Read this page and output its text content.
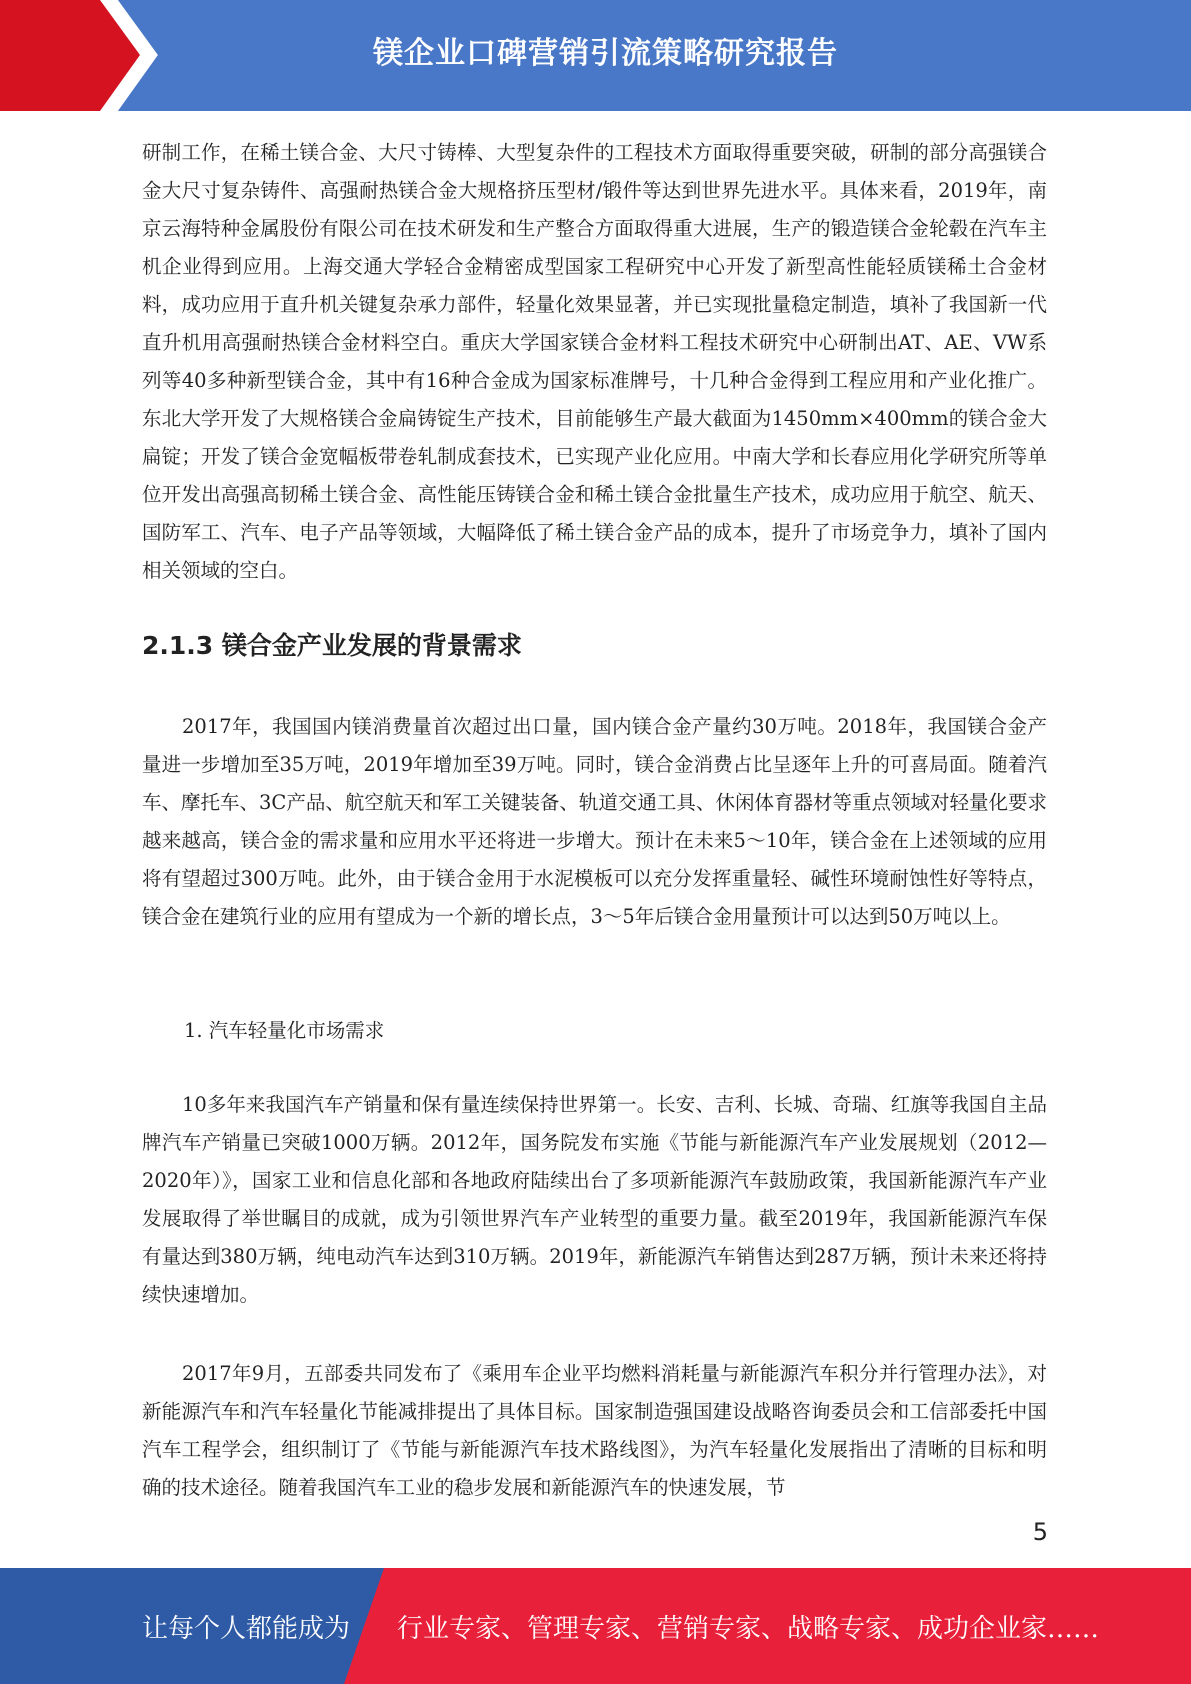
镁企业口碑营销引流策略研究报告

研制工作，在稀土镁合金、大尺寸铸棒、大型复杂件的工程技术方面取得重要突破，研制的部分高强镁合金大尺寸复杂铸件、高强耐热镁合金大规格挤压型材/锻件等达到世界先进水平。具体来看，2019年，南京云海特种金属股份有限公司在技术研发和生产整合方面取得重大进展，生产的锻造镁合金轮毂在汽车主机企业得到应用。上海交通大学轻合金精密成型国家工程研究中心开发了新型高性能轻质镁稀土合金材料，成功应用于直升机关键复杂承力部件，轻量化效果显著，并已实现批量稳定制造，填补了我国新一代直升机用高强耐热镁合金材料空白。重庆大学国家镁合金材料工程技术研究中心研制出AT、AE、VW系列等40多种新型镁合金，其中有16种合金成为国家标准牌号，十几种合金得到工程应用和产业化推广。东北大学开发了大规格镁合金扁铸锭生产技术，目前能够生产最大截面为1450mm×400mm的镁合金大扁锭；开发了镁合金宽幅板带卷轧制成套技术，已实现产业化应用。中南大学和长春应用化学研究所等单位开发出高强高韧稀土镁合金、高性能压铸镁合金和稀土镁合金批量生产技术，成功应用于航空、航天、国防军工、汽车、电子产品等领域，大幅降低了稀土镁合金产品的成本，提升了市场竞争力，填补了国内相关领域的空白。

2.1.3 镁合金产业发展的背景需求

2017年，我国国内镁消费量首次超过出口量，国内镁合金产量约30万吨。2018年，我国镁合金产量进一步增加至35万吨，2019年增加至39万吨。同时，镁合金消费占比呈逐年上升的可喜局面。随着汽车、摩托车、3C产品、航空航天和军工关键装备、轨道交通工具、休闲体育器材等重点领域对轻量化要求越来越高，镁合金的需求量和应用水平还将进一步增大。预计在未来5～10年，镁合金在上述领域的应用将有望超过300万吨。此外，由于镁合金用于水泥模板可以充分发挥重量轻、碱性环境耐蚀性好等特点，镁合金在建筑行业的应用有望成为一个新的增长点，3～5年后镁合金用量预计可以达到50万吨以上。

1. 汽车轻量化市场需求

10多年来我国汽车产销量和保有量连续保持世界第一。长安、吉利、长城、奇瑞、红旗等我国自主品牌汽车产销量已突破1000万辆。2012年，国务院发布实施《节能与新能源汽车产业发展规划（2012—2020年）》，国家工业和信息化部和各地政府陆续出台了多项新能源汽车鼓励政策，我国新能源汽车产业发展取得了举世瞩目的成就，成为引领世界汽车产业转型的重要力量。截至2019年，我国新能源汽车保有量达到380万辆，纯电动汽车达到310万辆。2019年，新能源汽车销售达到287万辆，预计未来还将持续快速增加。

2017年9月，五部委共同发布了《乘用车企业平均燃料消耗量与新能源汽车积分并行管理办法》，对新能源汽车和汽车轻量化节能减排提出了具体目标。国家制造强国建设战略咨询委员会和工信部委托中国汽车工程学会，组织制订了《节能与新能源汽车技术路线图》，为汽车轻量化发展指出了清晰的目标和明确的技术途径。随着我国汽车工业的稳步发展和新能源汽车的快速发展，节

5
让每个人都能成为 行业专家、管理专家、营销专家、战略专家、成功企业家……
